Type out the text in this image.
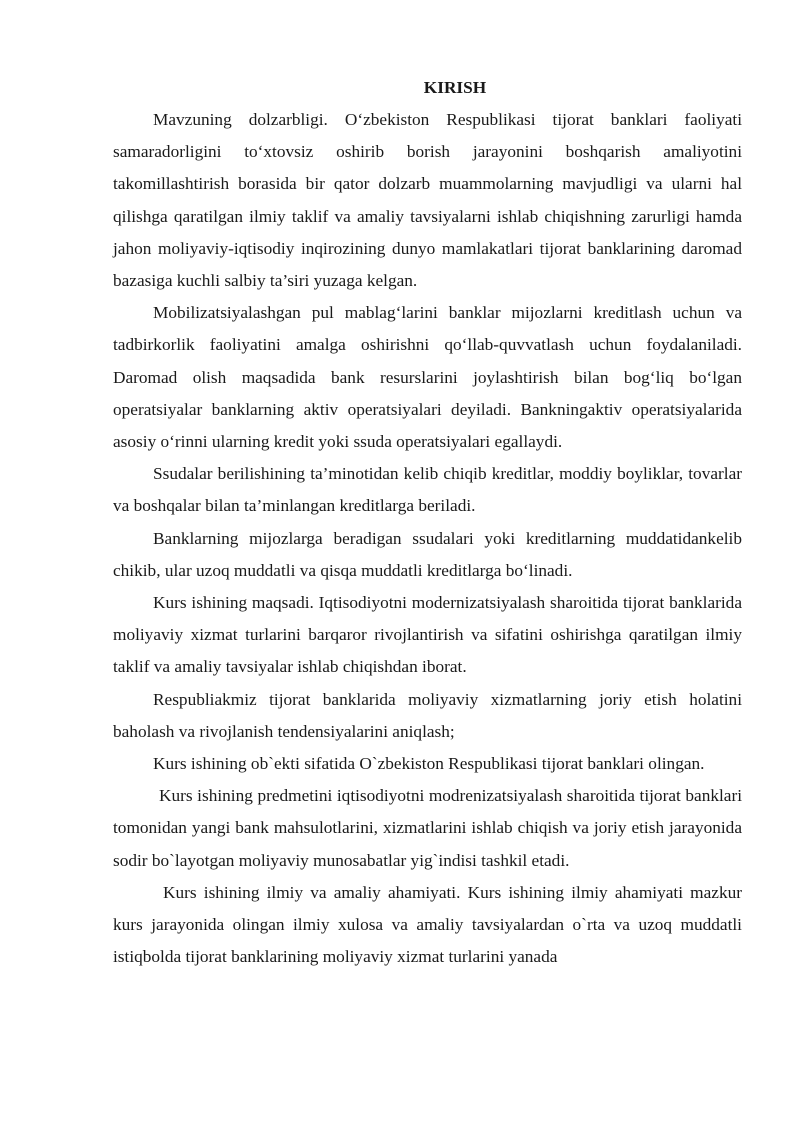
KIRISH

Mavzuning dolzarbligi. O‘zbekiston Respublikasi tijorat banklari faoliyati samaradorligini to‘xtovsiz oshirib borish jarayonini boshqarish amaliyotini takomillashtirish borasida bir qator dolzarb muammolarning mavjudligi va ularni hal qilishga qaratilgan ilmiy taklif va amaliy tavsiyalarni ishlab chiqishning zarurligi hamda jahon moliyaviy-iqtisodiy inqirozining dunyo mamlakatlari tijorat banklarining daromad bazasiga kuchli salbiy ta’siri yuzaga kelgan.

Mobilizatsiyalashgan pul mablag‘larini banklar mijozlarni kreditlash uchun va tadbirkorlik faoliyatini amalga oshirishni qo‘llab-quvvatlash uchun foydalaniladi. Daromad olish maqsadida bank resurslarini joylashtirish bilan bog‘liq bo‘lgan operatsiyalar banklarning aktiv operatsiyalari deyiladi. Bankningaktiv operatsiyalarida asosiy o‘rinni ularning kredit yoki ssuda operatsiyalari egallaydi.

Ssudalar berilishining ta’minotidan kelib chiqib kreditlar, moddiy boyliklar, tovarlar va boshqalar bilan ta’minlangan kreditlarga beriladi.

Banklarning mijozlarga beradigan ssudalari yoki kreditlarning muddatidankelib chikib, ular uzoq muddatli va qisqa muddatli kreditlarga bo‘linadi.

Kurs ishining maqsadi. Iqtisodiyotni modernizatsiyalash sharoitida tijorat banklarida moliyaviy xizmat turlarini barqaror rivojlantirish va sifatini oshirishga qaratilgan ilmiy taklif va amaliy tavsiyalar ishlab chiqishdan iborat.

Respubliakmiz tijorat banklarida moliyaviy xizmatlarning joriy etish holatini baholash va rivojlanish tendensiyalarini aniqlash;

Kurs ishining ob`ekti sifatida O`zbekiston Respublikasi tijorat banklari olingan.

Kurs ishining predmetini iqtisodiyotni modrenizatsiyalash sharoitida tijorat banklari tomonidan yangi bank mahsulotlarini, xizmatlarini ishlab chiqish va joriy etish jarayonida sodir bo`layotgan moliyaviy munosabatlar yig`indisi tashkil etadi.

Kurs ishining ilmiy va amaliy ahamiyati. Kurs ishining ilmiy ahamiyati mazkur kurs jarayonida olingan ilmiy xulosa va amaliy tavsiyalardan o`rta va uzoq muddatli istiqbolda tijorat banklarining moliyaviy xizmat turlarini yanada
